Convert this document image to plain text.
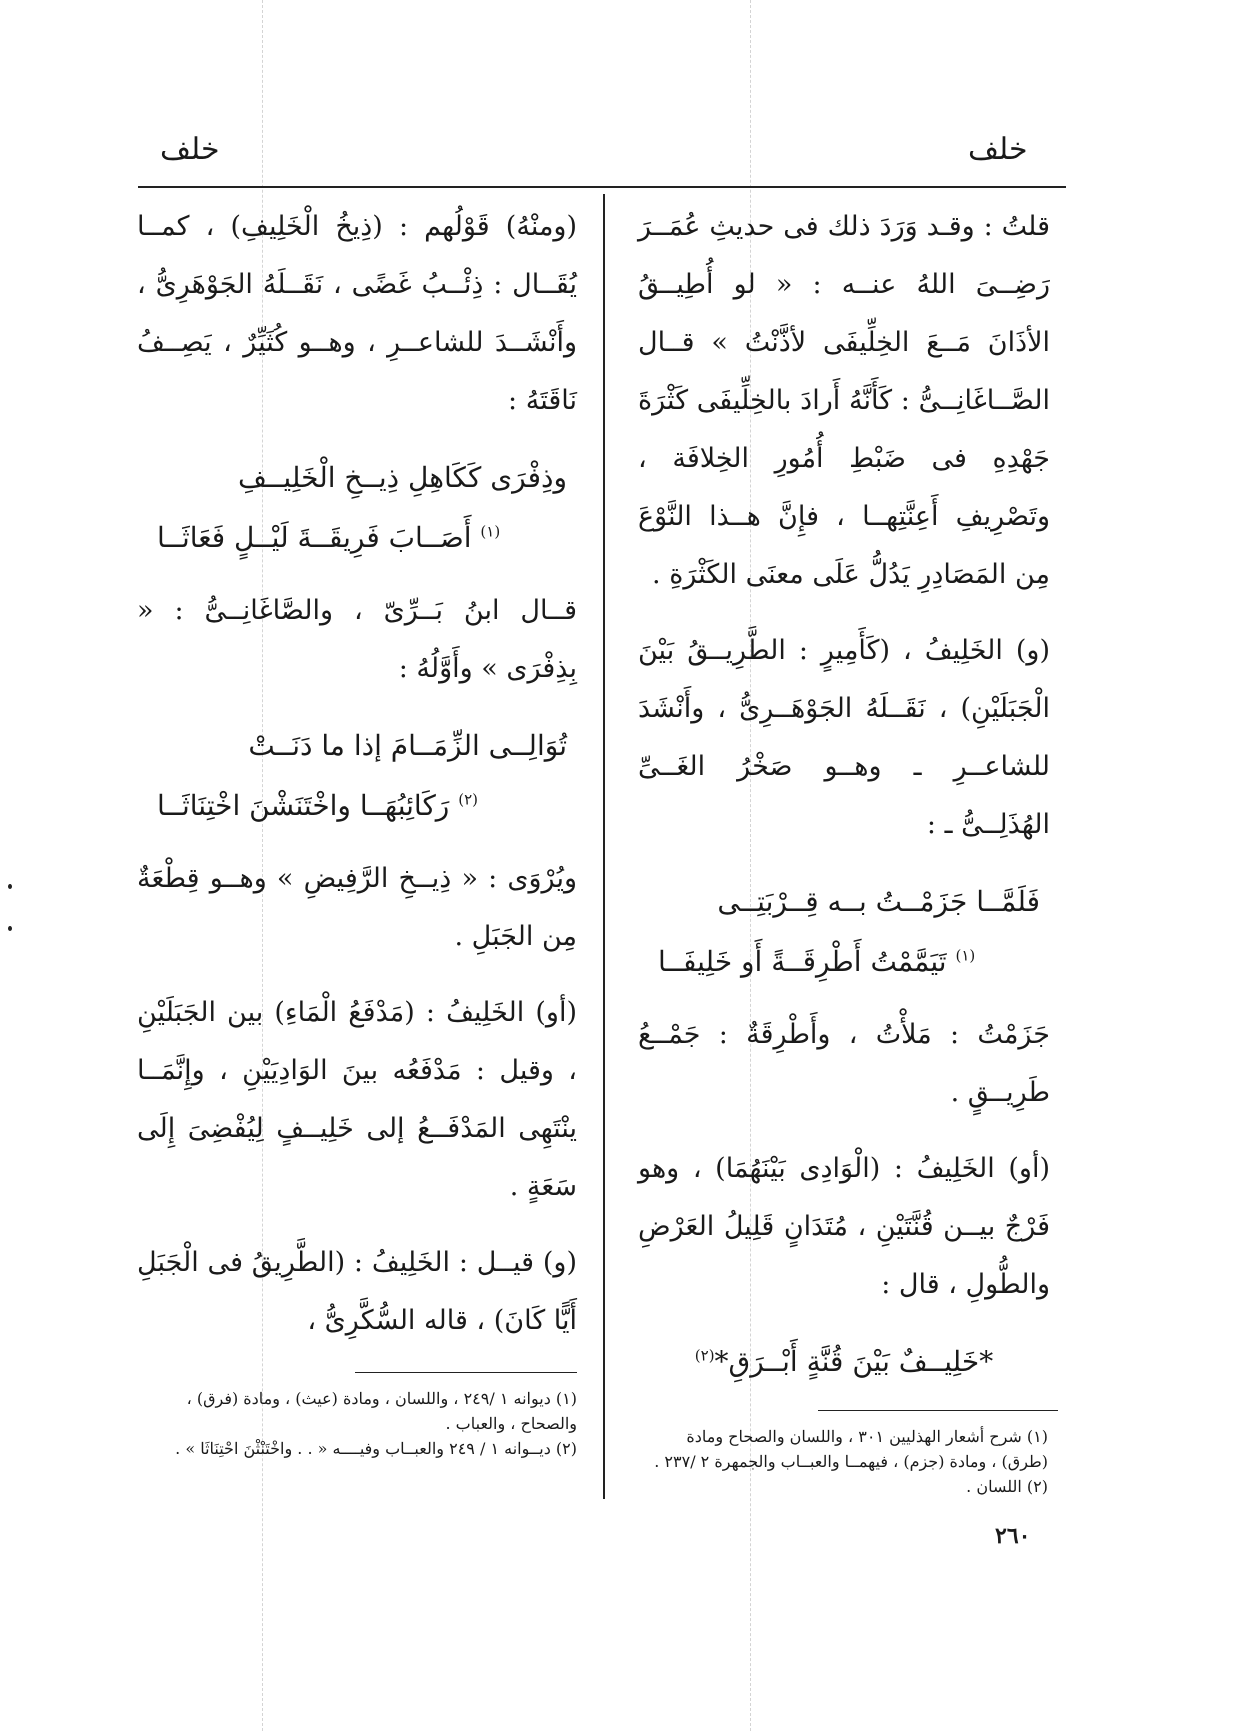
خلف	خلف

قلتُ : وقـد وَرَدَ ذلك فى حديثِ عُمَــرَ رَضِــىَ اللهُ عنــه : « لو أُطِيــقُ الأذَانَ مَــعَ الخِلِّيفَى لأذَّنْتُ » قــال الصَّــاغَانِــىُّ : كَأَنَّهُ أَرادَ بالخِلِّيفَى كَثْرَةَ جَهْدِهِ فى ضَبْطِ أُمُورِ الخِلافَة ، وتَصْرِيفِ أَعِنَّتِهــا ، فإِنَّ هــذا النَّوْعَ مِن المَصَادِرِ يَدُلُّ عَلَى معنَى الكَثْرَةِ .

(و) الخَلِيفُ ، (كَأَمِيرٍ : الطَّرِيــقُ بَيْنَ الْجَبَلَيْنِ) ، نَقَــلَهُ الجَوْهَــرِىُّ ، وأَنْشَدَ للشاعــرِ ـ وهــو صَخْرُ الغَــىِّ الهُذَلِــىُّ ـ :

فَلَمَّــا جَزَمْــتُ بــه قِــرْبَتِــى
$^{(١)}$ تَيَمَّمْتُ أَطْرِقَــةً أَو خَلِيفَــا

جَزَمْتُ : مَلأْتُ ، وأَطْرِقَةٌ : جَمْــعُ طَرِيــقٍ .

(أو) الخَلِيفُ : (الْوَادِى بَيْنَهُمَا) ، وهو فَرْجٌ بيــن قُنَّتَيْنِ ، مُتَدَانٍ قَلِيلُ العَرْضِ والطُّولِ ، قال :

*خَلِيــفٌ بَيْنَ قُنَّةٍ أَبْــرَقِ*$^{(٢)}$

(ومنْهُ) قَوْلُهم : (ذِيخُ الْخَلِيفِ) ، كمــا يُقَــال : ذِئْــبُ غَضًى ، نَقَــلَهُ الجَوْهَرِىُّ ، وأَنْشَــدَ للشاعــرِ ، وهــو كُثَيِّرٌ ، يَصِــفُ نَاقَتَهُ :

وذِفْرَى كَكَاهِلِ ذِيــخِ الْخَلِيــفِ
$^{(١)}$ أَصَــابَ فَرِيقَــةَ لَيْــلٍ فَعَاثَــا

قــال ابنُ بَــرِّىّ ، والصَّاغَانِــىُّ : « بِذِفْرَى » وأَوَّلُهُ :

تُوَالِــى الزِّمَــامَ إذا ما دَنَــتْ
$^{(٢)}$ رَكَائِبُهَــا واخْتَنَشْنَ اخْتِنَاثَــا

ويُرْوَى : « ذِيــخِ الرَّفِيضِ » وهــو قِطْعَةٌ مِن الجَبَلِ .

(أو) الخَلِيفُ : (مَدْفَعُ الْمَاءِ) بين الجَبَلَيْنِ ، وقيل : مَدْفَعُه بينَ الوَادِيَيْنِ ، وإِنَّمَــا ينْتَهِى المَدْفَــعُ إلى خَلِيــفٍ لِيُفْضِىَ إِلَى سَعَةٍ .

(و) قيــل : الخَلِيفُ : (الطَّرِيقُ فى الْجَبَلِ أَيًّا كَانَ) ، قاله السُّكَّرِىُّ ،

(١) شرح أشعار الهذليين ٣٠١ ، واللسان والصحاح ومادة (طرق) ، ومادة (جزم) ، فيهمــا والعبــاب والجمهرة ٢ /٢٣٧ .

(٢) اللسان .

(١) ديوانه ١ /٢٤٩ ، واللسان ، ومادة (عيث) ، ومادة (فرق) ، والصحاح ، والعباب .

(٢) ديــوانه ١ / ٢٤٩ والعبــاب وفيــــه « . . واخْتَنْثْنَ احْتِنَاثَا » .

٢٦٠
